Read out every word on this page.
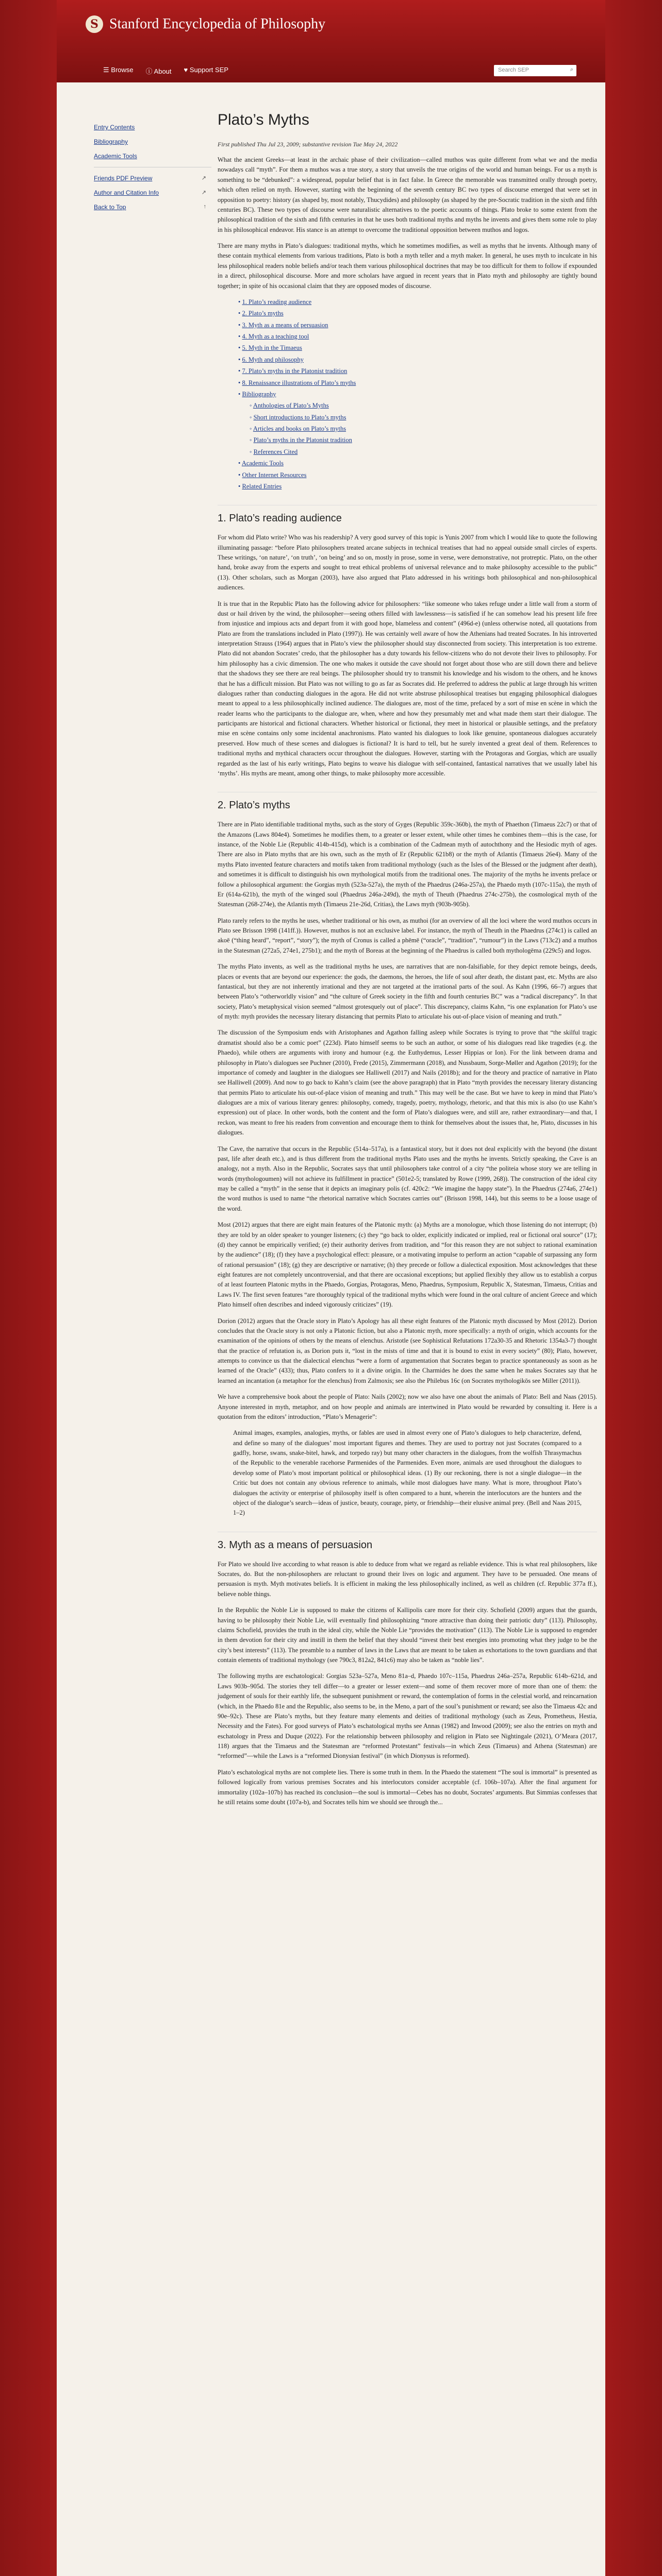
S Stanford Encyclopedia of Philosophy
☰ Browse ⓘ About ♥ Support SEP	Search SEP	⌕
Entry Contents
Bibliography
Academic Tools
Friends PDF Preview	↗
Author and Citation Info	↗
Back to Top	↑
Plato’s Myths
First published Thu Jul 23, 2009; substantive revision Tue May 24, 2022

What the ancient Greeks—at least in the archaic phase of their civilization—called muthos was quite different from what we and the media nowadays call “myth”. For them a muthos was a true story, a story that unveils the true origins of the world and human beings. For us a myth is something to be “debunked”: a widespread, popular belief that is in fact false. In Greece the memorable was transmitted orally through poetry, which often relied on myth. However, starting with the beginning of the seventh century BC two types of discourse emerged that were set in opposition to poetry: history (as shaped by, most notably, Thucydides) and philosophy (as shaped by the pre-Socratic tradition in the sixth and fifth centuries BC). These two types of discourse were naturalistic alternatives to the poetic accounts of things. Plato broke to some extent from the philosophical tradition of the sixth and fifth centuries in that he uses both traditional myths and myths he invents and gives them some role to play in his philosophical endeavor. His stance is an attempt to overcome the traditional opposition between muthos and logos.

There are many myths in Plato’s dialogues: traditional myths, which he sometimes modifies, as well as myths that he invents. Although many of these contain mythical elements from various traditions, Plato is both a myth teller and a myth maker. In general, he uses myth to inculcate in his less philosophical readers noble beliefs and/or teach them various philosophical doctrines that may be too difficult for them to follow if expounded in a direct, philosophical discourse. More and more scholars have argued in recent years that in Plato myth and philosophy are tightly bound together; in spite of his occasional claim that they are opposed modes of discourse.

• 1. Plato’s reading audience
• 2. Plato’s myths
• 3. Myth as a means of persuasion
• 4. Myth as a teaching tool
• 5. Myth in the Timaeus
• 6. Myth and philosophy
• 7. Plato’s myths in the Platonist tradition
• 8. Renaissance illustrations of Plato’s myths
• Bibliography
◦ Anthologies of Plato’s Myths
◦ Short introductions to Plato’s myths
◦ Articles and books on Plato’s myths
◦ Plato’s myths in the Platonist tradition
◦ References Cited
• Academic Tools
• Other Internet Resources
• Related Entries
1. Plato’s reading audience

For whom did Plato write? Who was his readership? A very good survey of this topic is Yunis 2007 from which I would like to quote the following illuminating passage: “before Plato philosophers treated arcane subjects in technical treatises that had no appeal outside small circles of experts. These writings, ‘on nature’, ‘on truth’, ‘on being’ and so on, mostly in prose, some in verse, were demonstrative, not protreptic. Plato, on the other hand, broke away from the experts and sought to treat ethical problems of universal relevance and to make philosophy accessible to the public” (13). Other scholars, such as Morgan (2003), have also argued that Plato addressed in his writings both philosophical and non-philosophical audiences.

It is true that in the Republic Plato has the following advice for philosophers: “like someone who takes refuge under a little wall from a storm of dust or hail driven by the wind, the philosopher—seeing others filled with lawlessness—is satisfied if he can somehow lead his present life free from injustice and impious acts and depart from it with good hope, blameless and content” (496d-e) (unless otherwise noted, all quotations from Plato are from the translations included in Plato (1997)). He was certainly well aware of how the Athenians had treated Socrates. In his introverted interpretation Strauss (1964) argues that in Plato’s view the philosopher should stay disconnected from society. This interpretation is too extreme. Plato did not abandon Socrates’ credo, that the philosopher has a duty towards his fellow-citizens who do not devote their lives to philosophy. For him philosophy has a civic dimension. The one who makes it outside the cave should not forget about those who are still down there and believe that the shadows they see there are real beings. The philosopher should try to transmit his knowledge and his wisdom to the others, and he knows that he has a difficult mission. But Plato was not willing to go as far as Socrates did. He preferred to address the public at large through his written dialogues rather than conducting dialogues in the agora. He did not write abstruse philosophical treatises but engaging philosophical dialogues meant to appeal to a less philosophically inclined audience. The dialogues are, most of the time, prefaced by a sort of mise en scène in which the reader learns who the participants to the dialogue are, when, where and how they presumably met and what made them start their dialogue. The participants are historical and fictional characters. Whether historical or fictional, they meet in historical or plausible settings, and the prefatory mise en scène contains only some incidental anachronisms. Plato wanted his dialogues to look like genuine, spontaneous dialogues accurately preserved. How much of these scenes and dialogues is fictional? It is hard to tell, but he surely invented a great deal of them. References to traditional myths and mythical characters occur throughout the dialogues. However, starting with the Protagoras and Gorgias, which are usually regarded as the last of his early writings, Plato begins to weave his dialogue with self-contained, fantastical narratives that we usually label his ‘myths’. His myths are meant, among other things, to make philosophy more accessible.

2. Plato’s myths

There are in Plato identifiable traditional myths, such as the story of Gyges (Republic 359c-360b), the myth of Phaethon (Timaeus 22c7) or that of the Amazons (Laws 804e4). Sometimes he modifies them, to a greater or lesser extent, while other times he combines them—this is the case, for instance, of the Noble Lie (Republic 414b-415d), which is a combination of the Cadmean myth of autochthony and the Hesiodic myth of ages. There are also in Plato myths that are his own, such as the myth of Er (Republic 621b8) or the myth of Atlantis (Timaeus 26e4). Many of the myths Plato invented feature characters and motifs taken from traditional mythology (such as the Isles of the Blessed or the judgment after death), and sometimes it is difficult to distinguish his own mythological motifs from the traditional ones. The majority of the myths he invents preface or follow a philosophical argument: the Gorgias myth (523a-527a), the myth of the Phaedrus (246a-257a), the Phaedo myth (107c-115a), the myth of Er (614a-621b), the myth of the winged soul (Phaedrus 246a-249d), the myth of Theuth (Phaedrus 274c-275b), the cosmological myth of the Statesman (268-274e), the Atlantis myth (Timaeus 21e-26d, Critias), the Laws myth (903b-905b).

Plato rarely refers to the myths he uses, whether traditional or his own, as muthoi (for an overview of all the loci where the word muthos occurs in Plato see Brisson 1998 (141ff.)). However, muthos is not an exclusive label. For instance, the myth of Theuth in the Phaedrus (274c1) is called an akoē (“thing heard”, “report”, “story”); the myth of Cronus is called a phēmē (“oracle”, “tradition”, “rumour”) in the Laws (713c2) and a muthos in the Statesman (272a5, 274e1, 275b1); and the myth of Boreas at the beginning of the Phaedrus is called both mythologēma (229c5) and logos.

The myths Plato invents, as well as the traditional myths he uses, are narratives that are non-falsifiable, for they depict remote beings, deeds, places or events that are beyond our experience: the gods, the daemons, the heroes, the life of soul after death, the distant past, etc. Myths are also fantastical, but they are not inherently irrational and they are not targeted at the irrational parts of the soul. As Kahn (1996, 66–7) argues that between Plato’s “otherworldly vision” and “the culture of Greek society in the fifth and fourth centuries BC” was a “radical discrepancy”. In that society, Plato’s metaphysical vision seemed “almost grotesquely out of place”. This discrepancy, claims Kahn, “is one explanation for Plato’s use of myth: myth provides the necessary literary distancing that permits Plato to articulate his out-of-place vision of meaning and truth.”

The discussion of the Symposium ends with Aristophanes and Agathon falling asleep while Socrates is trying to prove that “the skilful tragic dramatist should also be a comic poet” (223d). Plato himself seems to be such an author, or some of his dialogues read like tragedies (e.g. the Phaedo), while others are arguments with irony and humour (e.g. the Euthydemus, Lesser Hippias or Ion). For the link between drama and philosophy in Plato’s dialogues see Puchner (2010), Frede (2015), Zimmermann (2018), and Nussbaum, Sorge-Møller and Agathon (2019); for the importance of comedy and laughter in the dialogues see Halliwell (2017) and Nails (2018b); and for the theory and practice of narrative in Plato see Halliwell (2009). And now to go back to Kahn’s claim (see the above paragraph) that in Plato “myth provides the necessary literary distancing that permits Plato to articulate his out-of-place vision of meaning and truth.” This may well be the case. But we have to keep in mind that Plato’s dialogues are a mix of various literary genres: philosophy, comedy, tragedy, poetry, mythology, rhetoric, and that this mix is also (to use Kahn’s expression) out of place. In other words, both the content and the form of Plato’s dialogues were, and still are, rather extraordinary—and that, I reckon, was meant to free his readers from convention and encourage them to think for themselves about the issues that, he, Plato, discusses in his dialogues.

The Cave, the narrative that occurs in the Republic (514a–517a), is a fantastical story, but it does not deal explicitly with the beyond (the distant past, life after death etc.), and is thus different from the traditional myths Plato uses and the myths he invents. Strictly speaking, the Cave is an analogy, not a myth. Also in the Republic, Socrates says that until philosophers take control of a city “the politeia whose story we are telling in words (mythologoumen) will not achieve its fulfillment in practice” (501e2-5; translated by Rowe (1999, 268)). The construction of the ideal city may be called a “myth” in the sense that it depicts an imaginary polis (cf. 420c2: “We imagine the happy state”). In the Phaedrus (274a6, 274e1) the word muthos is used to name “the rhetorical narrative which Socrates carries out” (Brisson 1998, 144), but this seems to be a loose usage of the word.

Most (2012) argues that there are eight main features of the Platonic myth: (a) Myths are a monologue, which those listening do not interrupt; (b) they are told by an older speaker to younger listeners; (c) they “go back to older, explicitly indicated or implied, real or fictional oral source” (17); (d) they cannot be empirically verified; (e) their authority derives from tradition, and “for this reason they are not subject to rational examination by the audience” (18); (f) they have a psychological effect: pleasure, or a motivating impulse to perform an action “capable of surpassing any form of rational persuasion” (18); (g) they are descriptive or narrative; (h) they precede or follow a dialectical exposition. Most acknowledges that these eight features are not completely uncontroversial, and that there are occasional exceptions; but applied flexibly they allow us to establish a corpus of at least fourteen Platonic myths in the Phaedo, Gorgias, Protagoras, Meno, Phaedrus, Symposium, Republic X, Statesman, Timaeus, Critias and Laws IV. The first seven features “are thoroughly typical of the traditional myths which were found in the oral culture of ancient Greece and which Plato himself often describes and indeed vigorously criticizes” (19).

Dorion (2012) argues that the Oracle story in Plato’s Apology has all these eight features of the Platonic myth discussed by Most (2012). Dorion concludes that the Oracle story is not only a Platonic fiction, but also a Platonic myth, more specifically: a myth of origin, which accounts for the examination of the opinions of others by the means of elenchus. Aristotle (see Sophistical Refutations 172a30-35 and Rhetoric 1354a3-7) thought that the practice of refutation is, as Dorion puts it, “lost in the mists of time and that it is bound to exist in every society” (80); Plato, however, attempts to convince us that the dialectical elenchus “were a form of argumentation that Socrates began to practice spontaneously as soon as he learned of the Oracle” (433); thus, Plato confers to it a divine origin. In the Charmides he does the same when he makes Socrates say that he learned an incantation (a metaphor for the elenchus) from Zalmoxis; see also the Philebus 16c (on Socrates mythologikōs see Miller (2011)).

We have a comprehensive book about the people of Plato: Nails (2002); now we also have one about the animals of Plato: Bell and Naas (2015). Anyone interested in myth, metaphor, and on how people and animals are intertwined in Plato would be rewarded by consulting it. Here is a quotation from the editors’ introduction, “Plato’s Menagerie”:

Animal images, examples, analogies, myths, or fables are used in almost every one of Plato’s dialogues to help characterize, defend, and define so many of the dialogues’ most important figures and themes. They are used to portray not just Socrates (compared to a gadfly, horse, swans, snake-bitel, hawk, and torpedo ray) but many other characters in the dialogues, from the wolfish Thrasymachus of the Republic to the venerable racehorse Parmenides of the Parmenides. Even more, animals are used throughout the dialogues to develop some of Plato’s most important political or philosophical ideas. (1) By our reckoning, there is not a single dialogue—in the Critic but does not contain any obvious reference to animals, while most dialogues have many. What is more, throughout Plato’s dialogues the activity or enterprise of philosophy itself is often compared to a hunt, wherein the interlocutors are the hunters and the object of the dialogue’s search—ideas of justice, beauty, courage, piety, or friendship—their elusive animal prey. (Bell and Naas 2015, 1–2)

3. Myth as a means of persuasion

For Plato we should live according to what reason is able to deduce from what we regard as reliable evidence. This is what real philosophers, like Socrates, do. But the non-philosophers are reluctant to ground their lives on logic and argument. They have to be persuaded. One means of persuasion is myth. Myth motivates beliefs. It is efficient in making the less philosophically inclined, as well as children (cf. Republic 377a ff.), believe noble things.

In the Republic the Noble Lie is supposed to make the citizens of Kallipolis care more for their city. Schofield (2009) argues that the guards, having to be philosophy their Noble Lie, will eventually find philosophizing “more attractive than doing their patriotic duty” (113). Philosophy, claims Schofield, provides the truth in the ideal city, while the Noble Lie “provides the motivation” (113). The Noble Lie is supposed to engender in them devotion for their city and instill in them the belief that they should “invest their best energies into promoting what they judge to be the city’s best interests” (113). The preamble to a number of laws in the Laws that are meant to be taken as exhortations to the town guardians and that contain elements of traditional mythology (see 790c3, 812a2, 841c6) may also be taken as “noble lies”.

The following myths are eschatological: Gorgias 523a–527a, Meno 81a–d, Phaedo 107c–115a, Phaedrus 246a–257a, Republic 614b–621d, and Laws 903b–905d. The stories they tell differ—to a greater or lesser extent—and some of them recover more of more than one of them: the judgement of souls for their earthly life, the subsequent punishment or reward, the contemplation of forms in the celestial world, and reincarnation (which, in the Phaedo 81e and the Republic, also seems to be, in the Meno, a part of the soul’s punishment or reward; see also the Timaeus 42c and 90e–92c). These are Plato’s myths, but they feature many elements and deities of traditional mythology (such as Zeus, Prometheus, Hestia, Necessity and the Fates). For good surveys of Plato’s eschatological myths see Annas (1982) and Inwood (2009); see also the entries on myth and eschatology in Press and Duque (2022). For the relationship between philosophy and religion in Plato see Nightingale (2021), O’Meara (2017, 118) argues that the Timaeus and the Statesman are “reformed Protestant” festivals—in which Zeus (Timaeus) and Athena (Statesman) are “reformed”—while the Laws is a “reformed Dionysian festival” (in which Dionysus is reformed).

Plato’s eschatological myths are not complete lies. There is some truth in them. In the Phaedo the statement “The soul is immortal” is presented as followed logically from various premises Socrates and his interlocutors consider acceptable (cf. 106b–107a). After the final argument for immortality (102a–107b) has reached its conclusion—the soul is immortal—Cebes has no doubt, Socrates’ arguments. But Simmias confesses that he still retains some doubt (107a-b), and Socrates tells him we should see through the...
